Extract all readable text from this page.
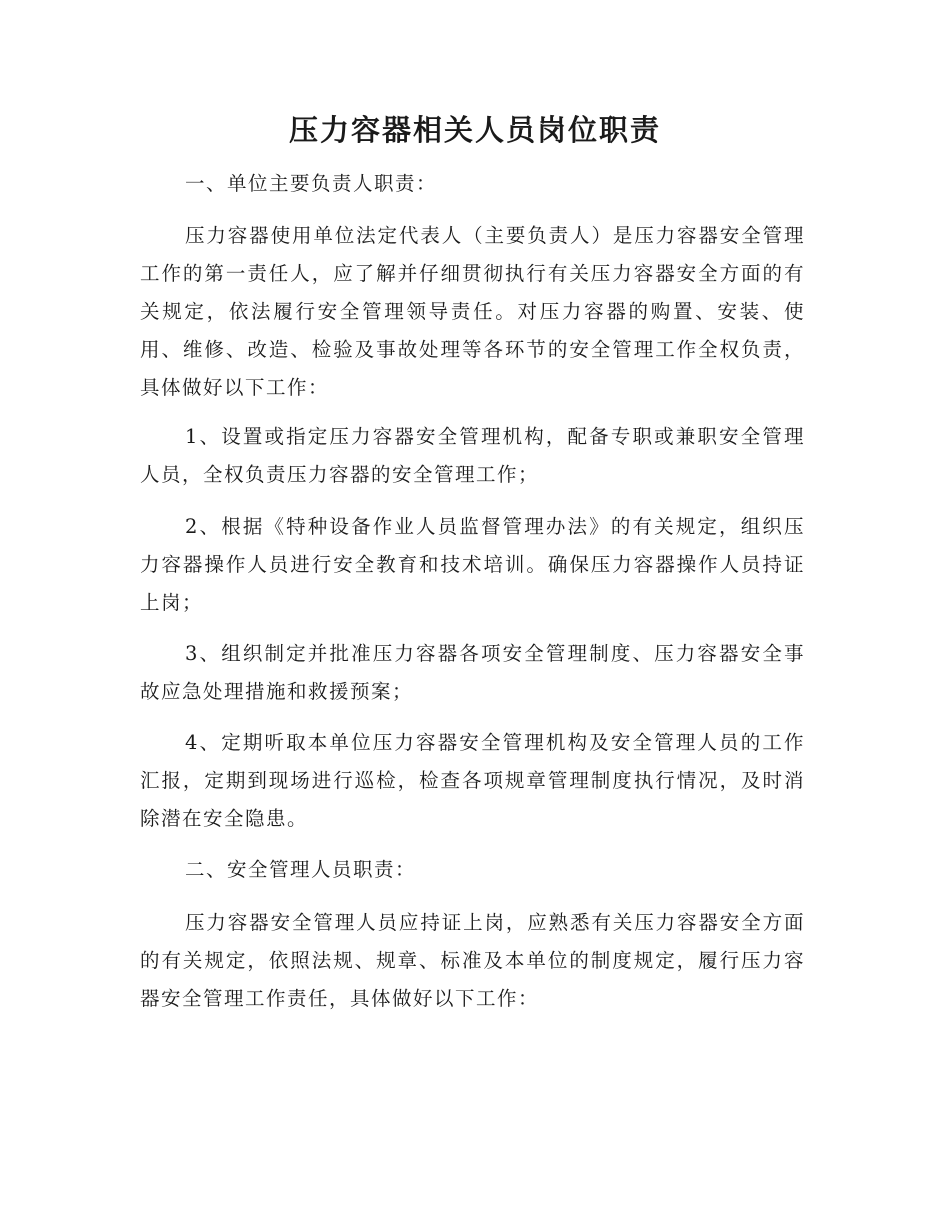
压力容器相关人员岗位职责

一、单位主要负责人职责：

压力容器使用单位法定代表人（主要负责人）是压力容器安全管理工作的第一责任人，应了解并仔细贯彻执行有关压力容器安全方面的有关规定，依法履行安全管理领导责任。对压力容器的购置、安装、使用、维修、改造、检验及事故处理等各环节的安全管理工作全权负责，具体做好以下工作：

1、设置或指定压力容器安全管理机构，配备专职或兼职安全管理人员，全权负责压力容器的安全管理工作；

2、根据《特种设备作业人员监督管理办法》的有关规定，组织压力容器操作人员进行安全教育和技术培训。确保压力容器操作人员持证上岗；

3、组织制定并批准压力容器各项安全管理制度、压力容器安全事故应急处理措施和救援预案；

4、定期听取本单位压力容器安全管理机构及安全管理人员的工作汇报，定期到现场进行巡检，检查各项规章管理制度执行情况，及时消除潜在安全隐患。

二、安全管理人员职责：

压力容器安全管理人员应持证上岗，应熟悉有关压力容器安全方面的有关规定，依照法规、规章、标准及本单位的制度规定，履行压力容器安全管理工作责任，具体做好以下工作：
